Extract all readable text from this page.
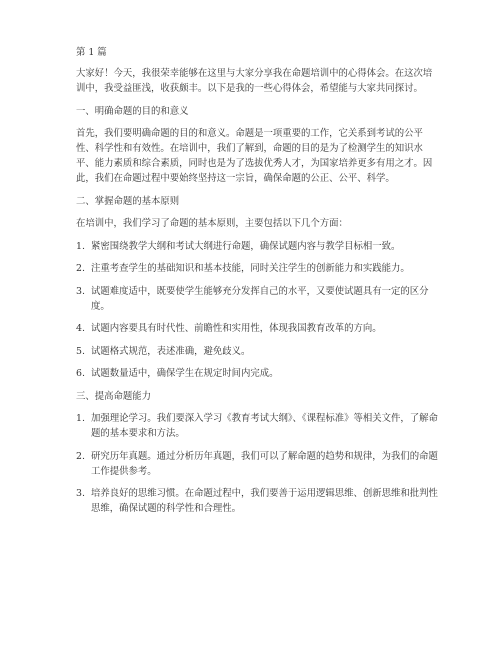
第 1 篇
大家好！今天，我很荣幸能够在这里与大家分享我在命题培训中的心得体会。在这次培训中，我受益匪浅，收获颇丰。以下是我的一些心得体会，希望能与大家共同探讨。
一、明确命题的目的和意义
首先，我们要明确命题的目的和意义。命题是一项重要的工作，它关系到考试的公平性、科学性和有效性。在培训中，我们了解到，命题的目的是为了检测学生的知识水平、能力素质和综合素质，同时也是为了选拔优秀人才，为国家培养更多有用之才。因此，我们在命题过程中要始终坚持这一宗旨，确保命题的公正、公平、科学。
二、掌握命题的基本原则
在培训中，我们学习了命题的基本原则，主要包括以下几个方面：
1. 紧密围绕教学大纲和考试大纲进行命题，确保试题内容与教学目标相一致。
2. 注重考查学生的基础知识和基本技能，同时关注学生的创新能力和实践能力。
3. 试题难度适中，既要使学生能够充分发挥自己的水平，又要使试题具有一定的区分度。
4. 试题内容要具有时代性、前瞻性和实用性，体现我国教育改革的方向。
5. 试题格式规范，表述准确，避免歧义。
6. 试题数量适中，确保学生在规定时间内完成。
三、提高命题能力
1. 加强理论学习。我们要深入学习《教育考试大纲》、《课程标准》等相关文件，了解命题的基本要求和方法。
2. 研究历年真题。通过分析历年真题，我们可以了解命题的趋势和规律，为我们的命题工作提供参考。
3. 培养良好的思维习惯。在命题过程中，我们要善于运用逻辑思维、创新思维和批判性思维，确保试题的科学性和合理性。
